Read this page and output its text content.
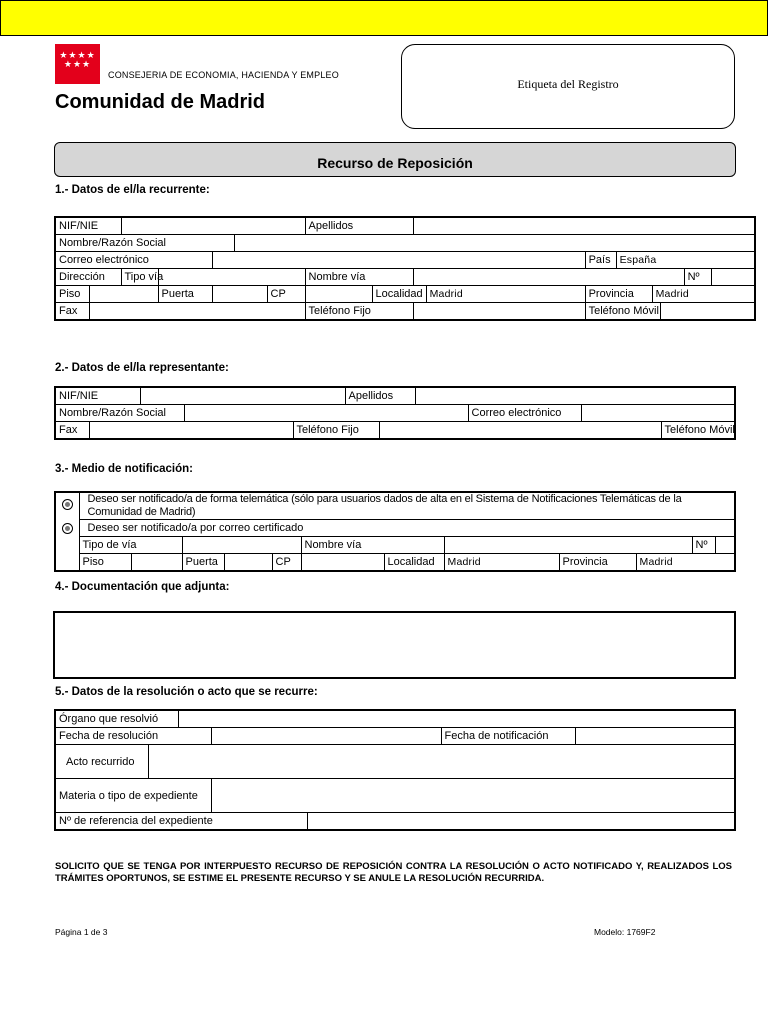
★★★★ ★★★
CONSEJERIA DE ECONOMIA, HACIENDA Y EMPLEO
Comunidad de Madrid
Etiqueta del Registro
Recurso de Reposición
1.- Datos de el/la recurrente:
NIF/NIE							Apellidos									
Nombre/Razón Social																
Correo electrónico											País	España				
Dirección		Tipo vía					Nombre vía								Nº	
Piso			Puerta			CP		Localidad		Madrid	Provincia		Madrid			
Fax							Teléfono Fijo				Teléfono Móvil					
2.- Datos de el/la representante:
NIF/NIE					Apellidos					
Nombre/Razón Social								Correo electrónico		
Fax				Teléfono Fijo						Teléfono Móvil
3.- Medio de notificación:
	Deseo ser notificado/a de forma telemática (sólo para usuarios dados de alta en el Sistema de Notificaciones Telemáticas de la Comunidad de Madrid)											
	Deseo ser notificado/a por correo certificado											
	Tipo de vía					Nombre vía					Nº	
	Piso		Puerta		CP		Localidad	Madrid	Provincia	Madrid		
4.- Documentación que adjunta:
5.- Datos de la resolución o acto que se recurre:
Órgano que resolvió						
Fecha de resolución					Fecha de notificación	
Acto recurrido						
Materia o tipo de expediente						
Nº de referencia del expediente						
SOLICITO QUE SE TENGA POR INTERPUESTO RECURSO DE REPOSICIÓN CONTRA LA RESOLUCIÓN O ACTO NOTIFICADO Y, REALIZADOS LOS TRÁMITES OPORTUNOS, SE ESTIME EL PRESENTE RECURSO Y SE ANULE LA RESOLUCIÓN RECURRIDA.
Página 1 de 3	Modelo: 1769F2
